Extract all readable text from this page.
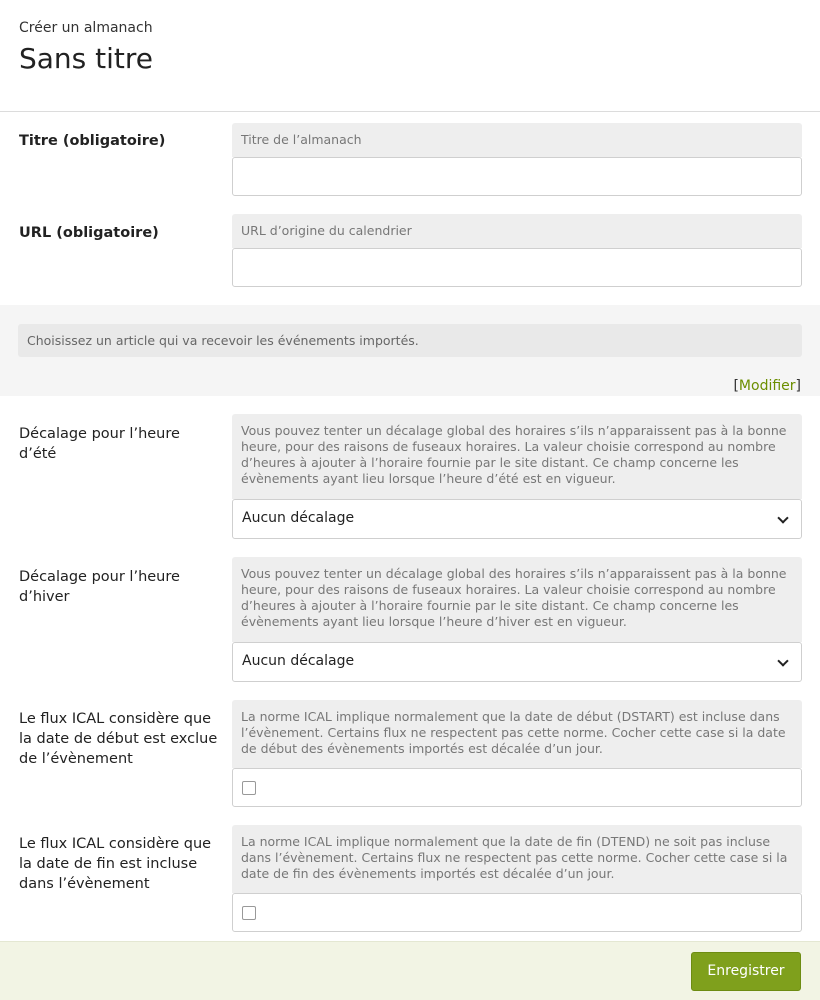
Créer un almanach
Sans titre
Titre (obligatoire)	Titre de l’almanach
URL (obligatoire)	URL d’origine du calendrier
Choisissez un article qui va recevoir les événements importés.
[Modifier]
Décalage pour l’heure d’été
Vous pouvez tenter un décalage global des horaires s’ils n’apparaissent pas à la bonne heure, pour des raisons de fuseaux horaires. La valeur choisie correspond au nombre d’heures à ajouter à l’horaire fournie par le site distant. Ce champ concerne les évènements ayant lieu lorsque l’heure d’été est en vigueur.
Aucun décalage
Décalage pour l’heure d’hiver
Vous pouvez tenter un décalage global des horaires s’ils n’apparaissent pas à la bonne heure, pour des raisons de fuseaux horaires. La valeur choisie correspond au nombre d’heures à ajouter à l’horaire fournie par le site distant. Ce champ concerne les évènements ayant lieu lorsque l’heure d’hiver est en vigueur.
Aucun décalage
Le flux ICAL considère que la date de début est exclue de l’évènement
La norme ICAL implique normalement que la date de début (DSTART) est incluse dans l’évènement. Certains flux ne respectent pas cette norme. Cocher cette case si la date de début des évènements importés est décalée d’un jour.
Le flux ICAL considère que la date de fin est incluse dans l’évènement
La norme ICAL implique normalement que la date de fin (DTEND) ne soit pas incluse dans l’évènement. Certains flux ne respectent pas cette norme. Cocher cette case si la date de fin des évènements importés est décalée d’un jour.
Enregistrer
